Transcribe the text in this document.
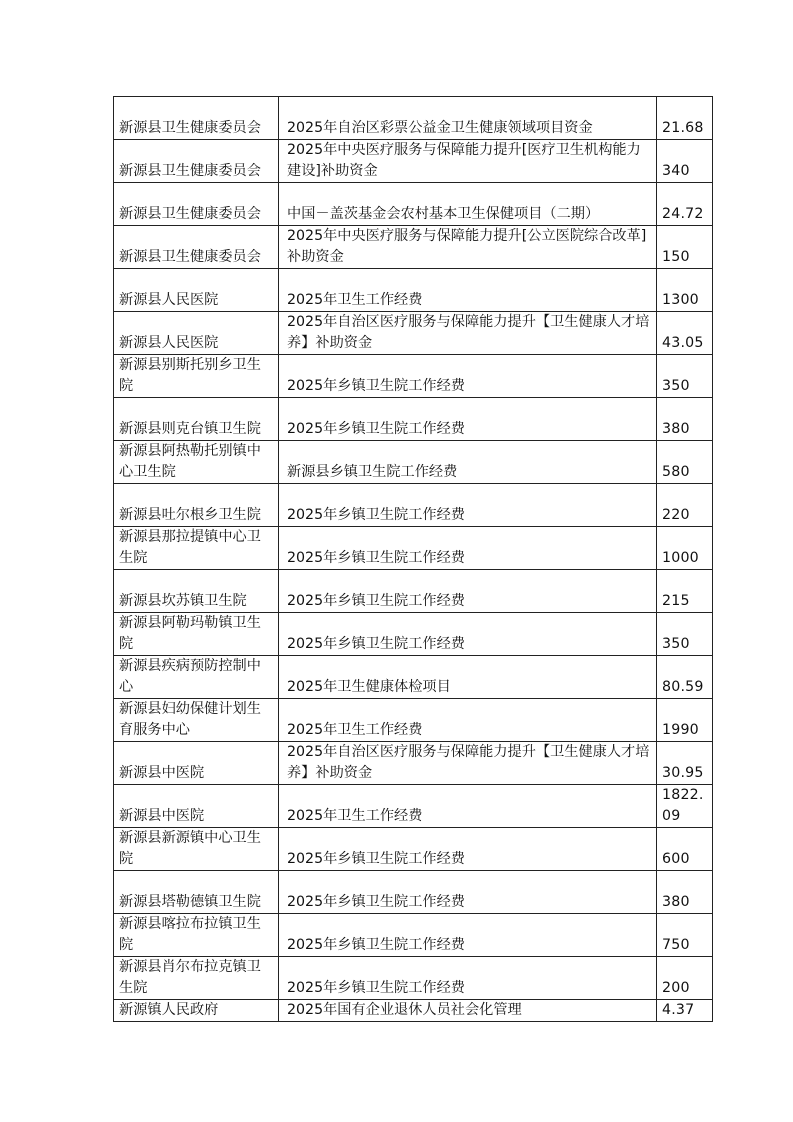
新源县卫生健康委员会	2025年自治区彩票公益金卫生健康领域项目资金	21.68
新源县卫生健康委员会	2025年中央医疗服务与保障能力提升[医疗卫生机构能力建设]补助资金	340
新源县卫生健康委员会	中国－盖茨基金会农村基本卫生保健项目（二期）	24.72
新源县卫生健康委员会	2025年中央医疗服务与保障能力提升[公立医院综合改革]补助资金	150
新源县人民医院	2025年卫生工作经费	1300
新源县人民医院	2025年自治区医疗服务与保障能力提升【卫生健康人才培养】补助资金	43.05
新源县别斯托别乡卫生院	2025年乡镇卫生院工作经费	350
新源县则克台镇卫生院	2025年乡镇卫生院工作经费	380
新源县阿热勒托别镇中心卫生院	新源县乡镇卫生院工作经费	580
新源县吐尔根乡卫生院	2025年乡镇卫生院工作经费	220
新源县那拉提镇中心卫生院	2025年乡镇卫生院工作经费	1000
新源县坎苏镇卫生院	2025年乡镇卫生院工作经费	215
新源县阿勒玛勒镇卫生院	2025年乡镇卫生院工作经费	350
新源县疾病预防控制中心	2025年卫生健康体检项目	80.59
新源县妇幼保健计划生育服务中心	2025年卫生工作经费	1990
新源县中医院	2025年自治区医疗服务与保障能力提升【卫生健康人才培养】补助资金	30.95
新源县中医院	2025年卫生工作经费	1822.09
新源县新源镇中心卫生院	2025年乡镇卫生院工作经费	600
新源县塔勒德镇卫生院	2025年乡镇卫生院工作经费	380
新源县喀拉布拉镇卫生院	2025年乡镇卫生院工作经费	750
新源县肖尔布拉克镇卫生院	2025年乡镇卫生院工作经费	200
新源镇人民政府	2025年国有企业退休人员社会化管理	4.37
